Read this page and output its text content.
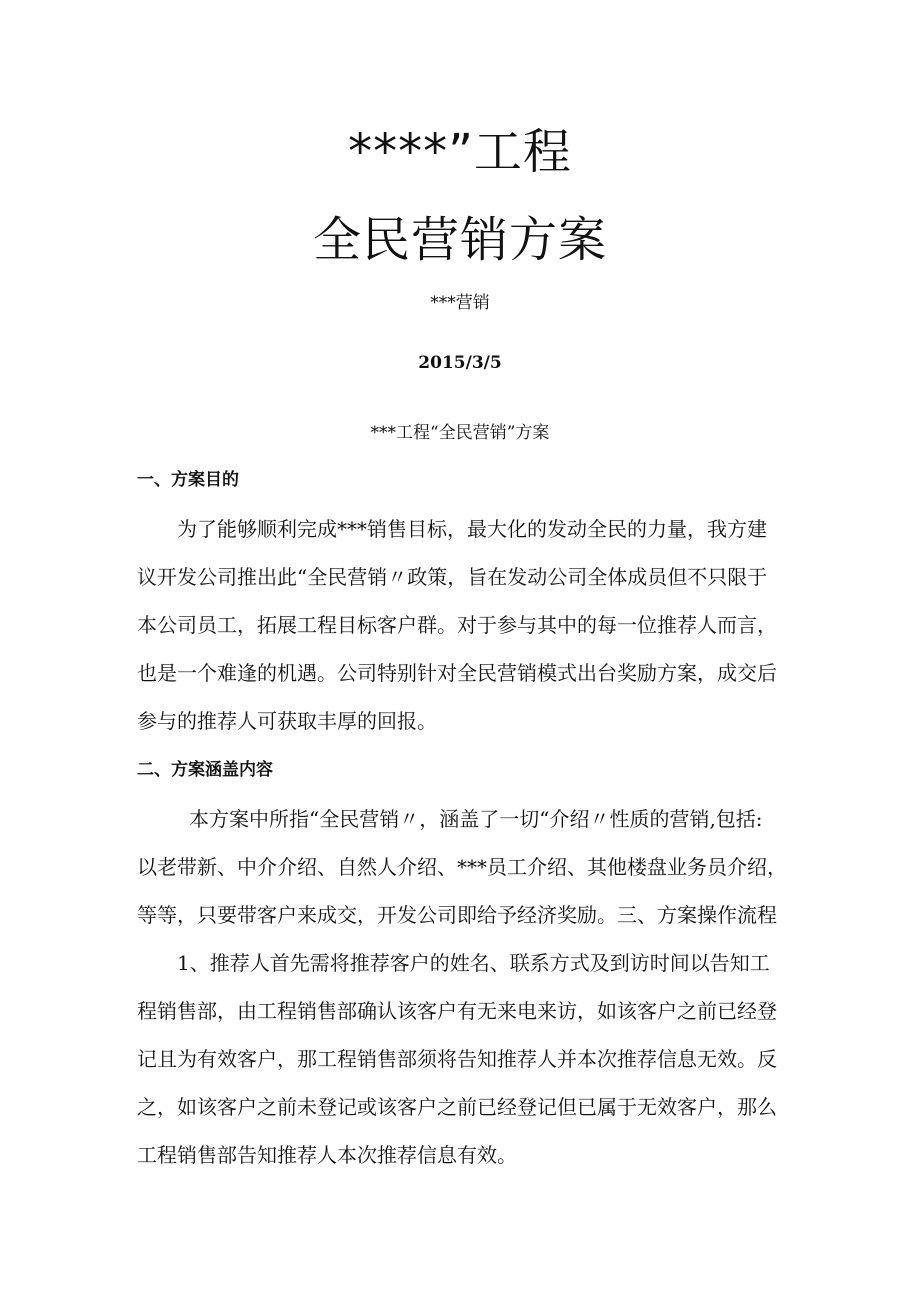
****”工程
全民营销方案
***营销
2015/3/5
***工程“全民营销”方案
一、方案目的
为了能够顺利完成***销售目标，最大化的发动全民的力量，我方建
议开发公司推出此“全民营销〃政策，旨在发动公司全体成员但不只限于
本公司员工，拓展工程目标客户群。对于参与其中的每一位推荐人而言，
也是一个难逢的机遇。公司特别针对全民营销模式出台奖励方案，成交后
参与的推荐人可获取丰厚的回报。
二、方案涵盖内容
本方案中所指“全民营销〃，涵盖了一切“介绍〃性质的营销,包括:
以老带新、中介介绍、自然人介绍、***员工介绍、其他楼盘业务员介绍，
等等，只要带客户来成交，开发公司即给予经济奖励。三、方案操作流程
1、推荐人首先需将推荐客户的姓名、联系方式及到访时间以告知工
程销售部，由工程销售部确认该客户有无来电来访，如该客户之前已经登
记且为有效客户，那工程销售部须将告知推荐人并本次推荐信息无效。反
之，如该客户之前未登记或该客户之前已经登记但已属于无效客户，那么
工程销售部告知推荐人本次推荐信息有效。
